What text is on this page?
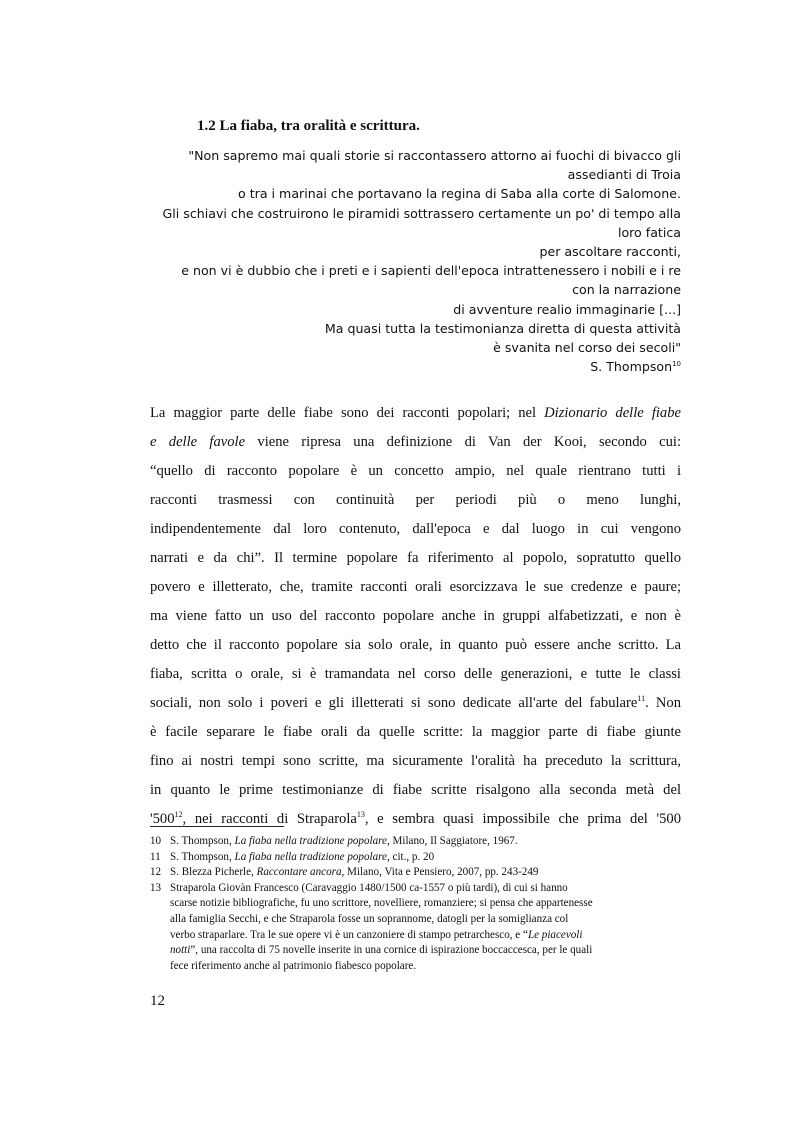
1.2 La fiaba, tra oralità e scrittura.
"Non sapremo mai quali storie si raccontassero attorno ai fuochi di bivacco gli
assedianti di Troia
o tra i marinai che portavano la regina di Saba alla corte di Salomone.
Gli schiavi che costruirono le piramidi sottrassero certamente un po' di tempo alla
loro fatica
per ascoltare racconti,
e non vi è dubbio che i preti e i sapienti dell'epoca intrattenessero i nobili e i re
con la narrazione
di avventure realio immaginarie [...]
Ma quasi tutta la testimonianza diretta di questa attività
è svanita nel corso dei secoli"
S. Thompson$^{10}$
La maggior parte delle fiabe sono dei racconti popolari; nel Dizionario delle fiabe
e delle favole viene ripresa una definizione di Van der Kooi, secondo cui:
“quello di racconto popolare è un concetto ampio, nel quale rientrano tutti i
racconti trasmessi con continuità per periodi più o meno lunghi,
indipendentemente dal loro contenuto, dall'epoca e dal luogo in cui vengono
narrati e da chi”. Il termine popolare fa riferimento al popolo, sopratutto quello
povero e illetterato, che, tramite racconti orali esorcizzava le sue credenze e paure;
ma viene fatto un uso del racconto popolare anche in gruppi alfabetizzati, e non è
detto che il racconto popolare sia solo orale, in quanto può essere anche scritto. La
fiaba, scritta o orale, si è tramandata nel corso delle generazioni, e tutte le classi
sociali, non solo i poveri e gli illetterati si sono dedicate all'arte del fabulare$^{11}$. Non
è facile separare le fiabe orali da quelle scritte: la maggior parte di fiabe giunte
fino ai nostri tempi sono scritte, ma sicuramente l'oralità ha preceduto la scrittura,
in quanto le prime testimonianze di fiabe scritte risalgono alla seconda metà del
'$500^{12}$, nei racconti di Straparola$^{13}$, e sembra quasi impossibile che prima del '500
10 S. Thompson, La fiaba nella tradizione popolare, Milano, Il Saggiatore, 1967.
11 S. Thompson, La fiaba nella tradizione popolare, cit., p. 20
12 S. Blezza Picherle, Raccontare ancora, Milano, Vita e Pensiero, 2007, pp. 243-249
13 Straparola Giovàn Francesco (Caravaggio 1480/1500 ca-1557 o più tardi), di cui si hanno
scarse notizie bibliografiche, fu uno scrittore, novelliere, romanziere; si pensa che appartenesse
alla famiglia Secchi, e che Straparola fosse un soprannome, datogli per la somiglianza col
verbo straparlare. Tra le sue opere vi è un canzoniere di stampo petrarchesco, e “Le piacevoli
notti”, una raccolta di 75 novelle inserite in una cornice di ispirazione boccaccesca, per le quali
fece riferimento anche al patrimonio fiabesco popolare.

12
